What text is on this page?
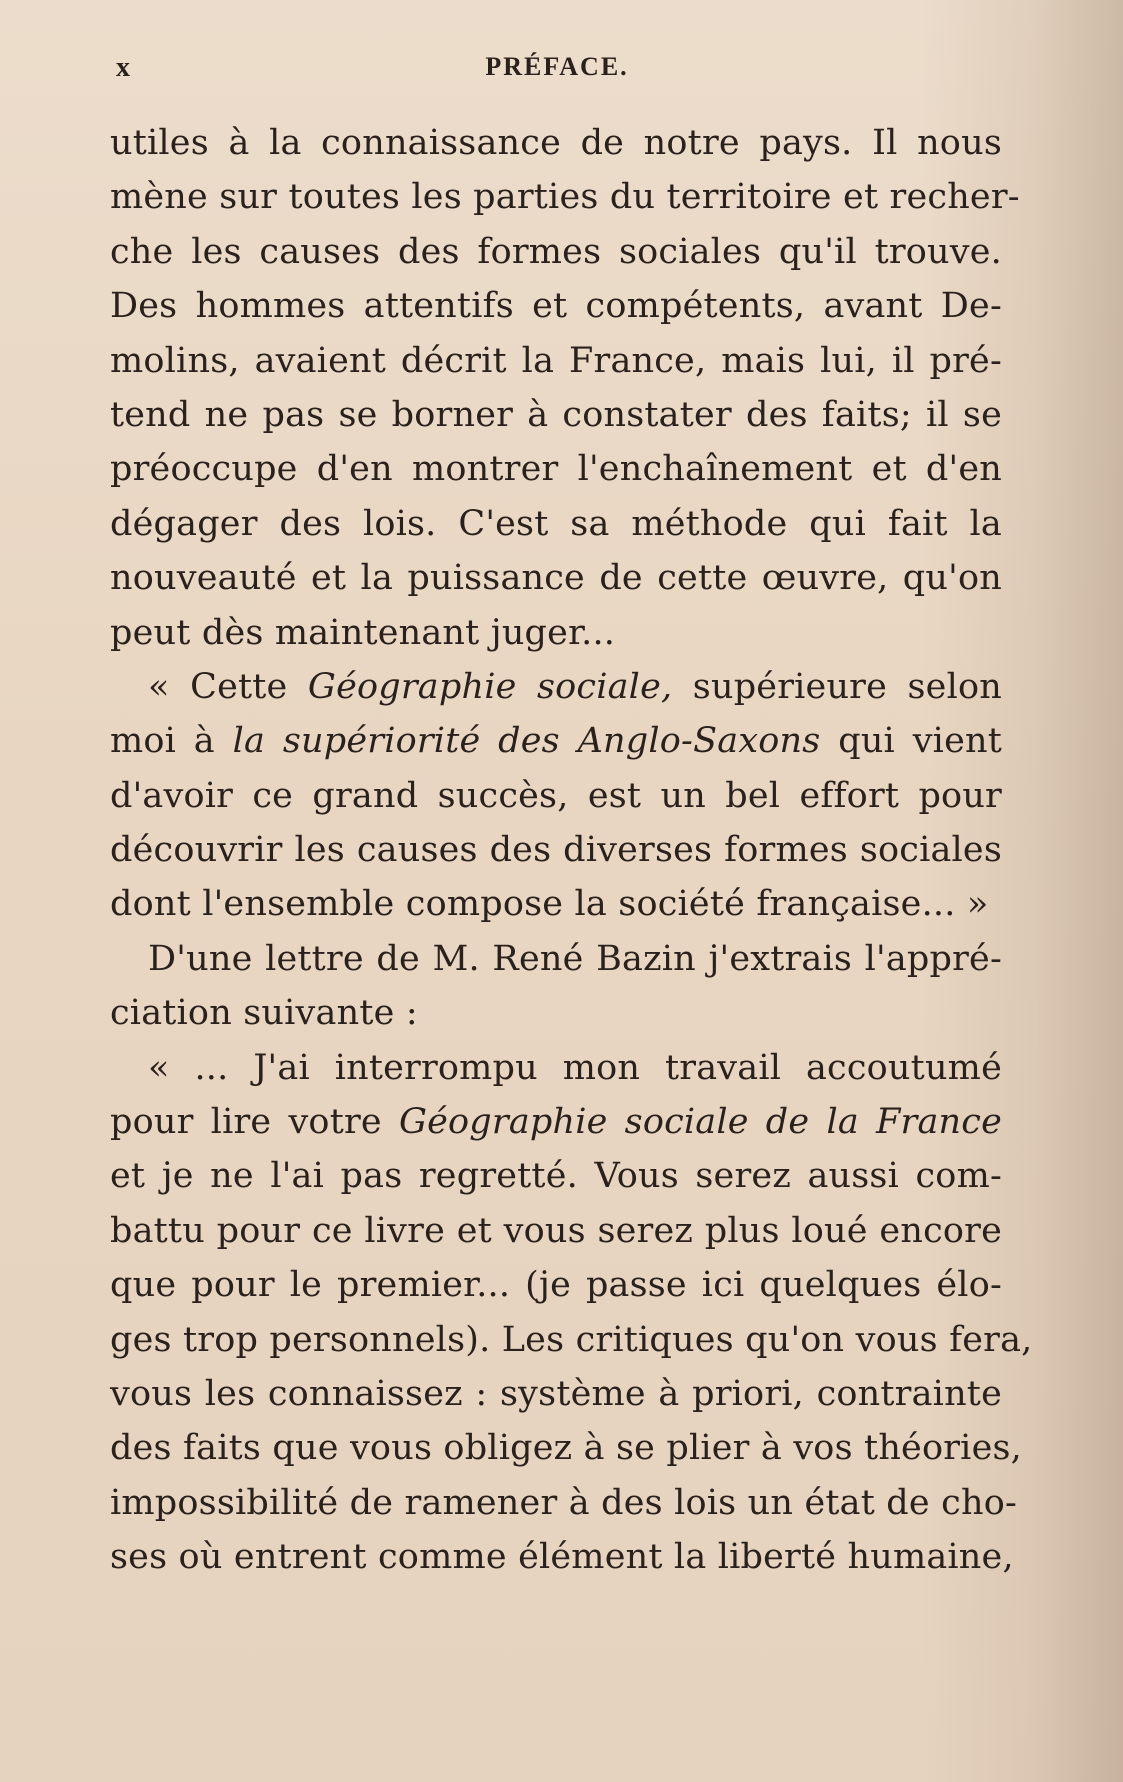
x	PRÉFACE.
utiles à la connaissance de notre pays. Il nous
mène sur toutes les parties du territoire et recher-
che les causes des formes sociales qu'il trouve.
Des hommes attentifs et compétents, avant De-
molins, avaient décrit la France, mais lui, il pré-
tend ne pas se borner à constater des faits; il se
préoccupe d'en montrer l'enchaînement et d'en
dégager des lois. C'est sa méthode qui fait la
nouveauté et la puissance de cette œuvre, qu'on
peut dès maintenant juger...
« Cette Géographie sociale, supérieure selon
moi à la supériorité des Anglo-Saxons qui vient
d'avoir ce grand succès, est un bel effort pour
découvrir les causes des diverses formes sociales
dont l'ensemble compose la société française... »
D'une lettre de M. René Bazin j'extrais l'appré-
ciation suivante :
« ... J'ai interrompu mon travail accoutumé
pour lire votre Géographie sociale de la France
et je ne l'ai pas regretté. Vous serez aussi com-
battu pour ce livre et vous serez plus loué encore
que pour le premier... (je passe ici quelques élo-
ges trop personnels). Les critiques qu'on vous fera,
vous les connaissez : système à priori, contrainte
des faits que vous obligez à se plier à vos théories,
impossibilité de ramener à des lois un état de cho-
ses où entrent comme élément la liberté humaine,
